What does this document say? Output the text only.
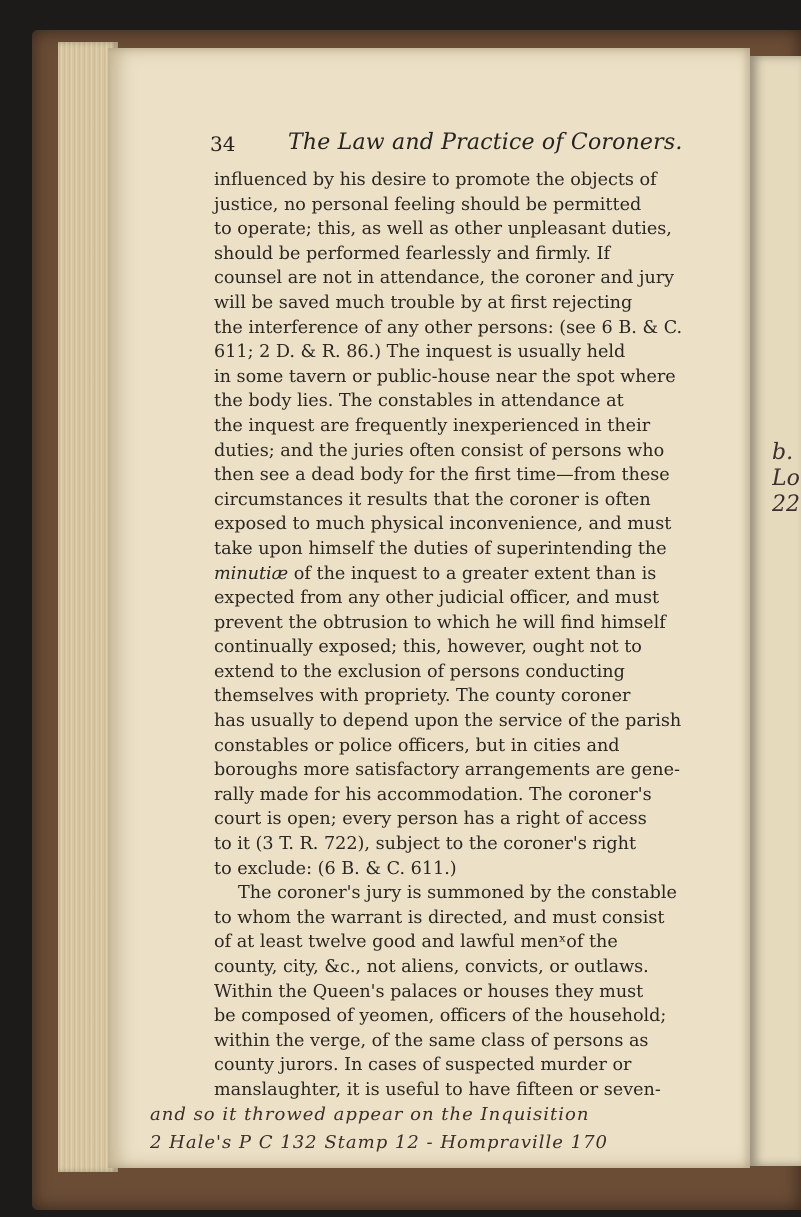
34 The Law and Practice of Coroners.
influenced by his desire to promote the objects of
justice, no personal feeling should be permitted
to operate; this, as well as other unpleasant duties,
should be performed fearlessly and firmly. If
counsel are not in attendance, the coroner and jury
will be saved much trouble by at first rejecting
the interference of any other persons: (see 6 B. & C.
611; 2 D. & R. 86.) The inquest is usually held
in some tavern or public-house near the spot where
the body lies. The constables in attendance at
the inquest are frequently inexperienced in their
duties; and the juries often consist of persons who
then see a dead body for the first time—from these
circumstances it results that the coroner is often
exposed to much physical inconvenience, and must
take upon himself the duties of superintending the
minutiæ of the inquest to a greater extent than is
expected from any other judicial officer, and must
prevent the obtrusion to which he will find himself
continually exposed; this, however, ought not to
extend to the exclusion of persons conducting
themselves with propriety. The county coroner
has usually to depend upon the service of the parish
constables or police officers, but in cities and
boroughs more satisfactory arrangements are gene-
rally made for his accommodation. The coroner's
court is open; every person has a right of access
to it (3 T. R. 722), subject to the coroner's right
to exclude: (6 B. & C. 611.)
The coroner's jury is summoned by the constable
to whom the warrant is directed, and must consist
of at least twelve good and lawful menˣof the
county, city, &c., not aliens, convicts, or outlaws.
Within the Queen's palaces or houses they must
be composed of yeomen, officers of the household;
within the verge, of the same class of persons as
county jurors. In cases of suspected murder or
manslaughter, it is useful to have fifteen or seven-
and so it throwed appear on the Inquisition
2 Hale's P C 132 Stamp 12 - Hompraville 170
b.
Lo
22
